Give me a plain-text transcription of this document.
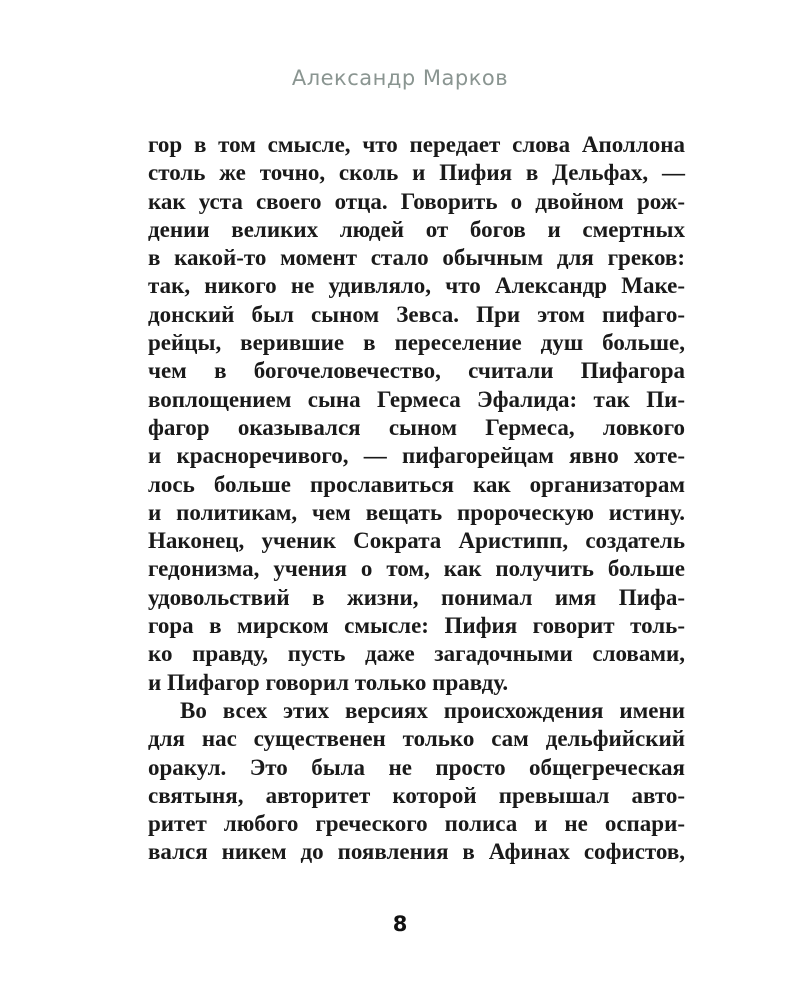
Александр Марков
гор в том смысле, что передает слова Аполлона
столь же точно, сколь и Пифия в Дельфах, —
как уста своего отца. Говорить о двойном рож-
дении великих людей от богов и смертных
в какой-то момент стало обычным для греков:
так, никого не удивляло, что Александр Маке-
донский был сыном Зевса. При этом пифаго-
рейцы, верившие в переселение душ больше,
чем в богочеловечество, считали Пифагора
воплощением сына Гермеса Эфалида: так Пи-
фагор оказывался сыном Гермеса, ловкого
и красноречивого, — пифагорейцам явно хоте-
лось больше прославиться как организаторам
и политикам, чем вещать пророческую истину.
Наконец, ученик Сократа Аристипп, создатель
гедонизма, учения о том, как получить больше
удовольствий в жизни, понимал имя Пифа-
гора в мирском смысле: Пифия говорит толь-
ко правду, пусть даже загадочными словами,
и Пифагор говорил только правду.
Во всех этих версиях происхождения имени
для нас существенен только сам дельфийский
оракул. Это была не просто общегреческая
святыня, авторитет которой превышал авто-
ритет любого греческого полиса и не оспари-
вался никем до появления в Афинах софистов,
8
